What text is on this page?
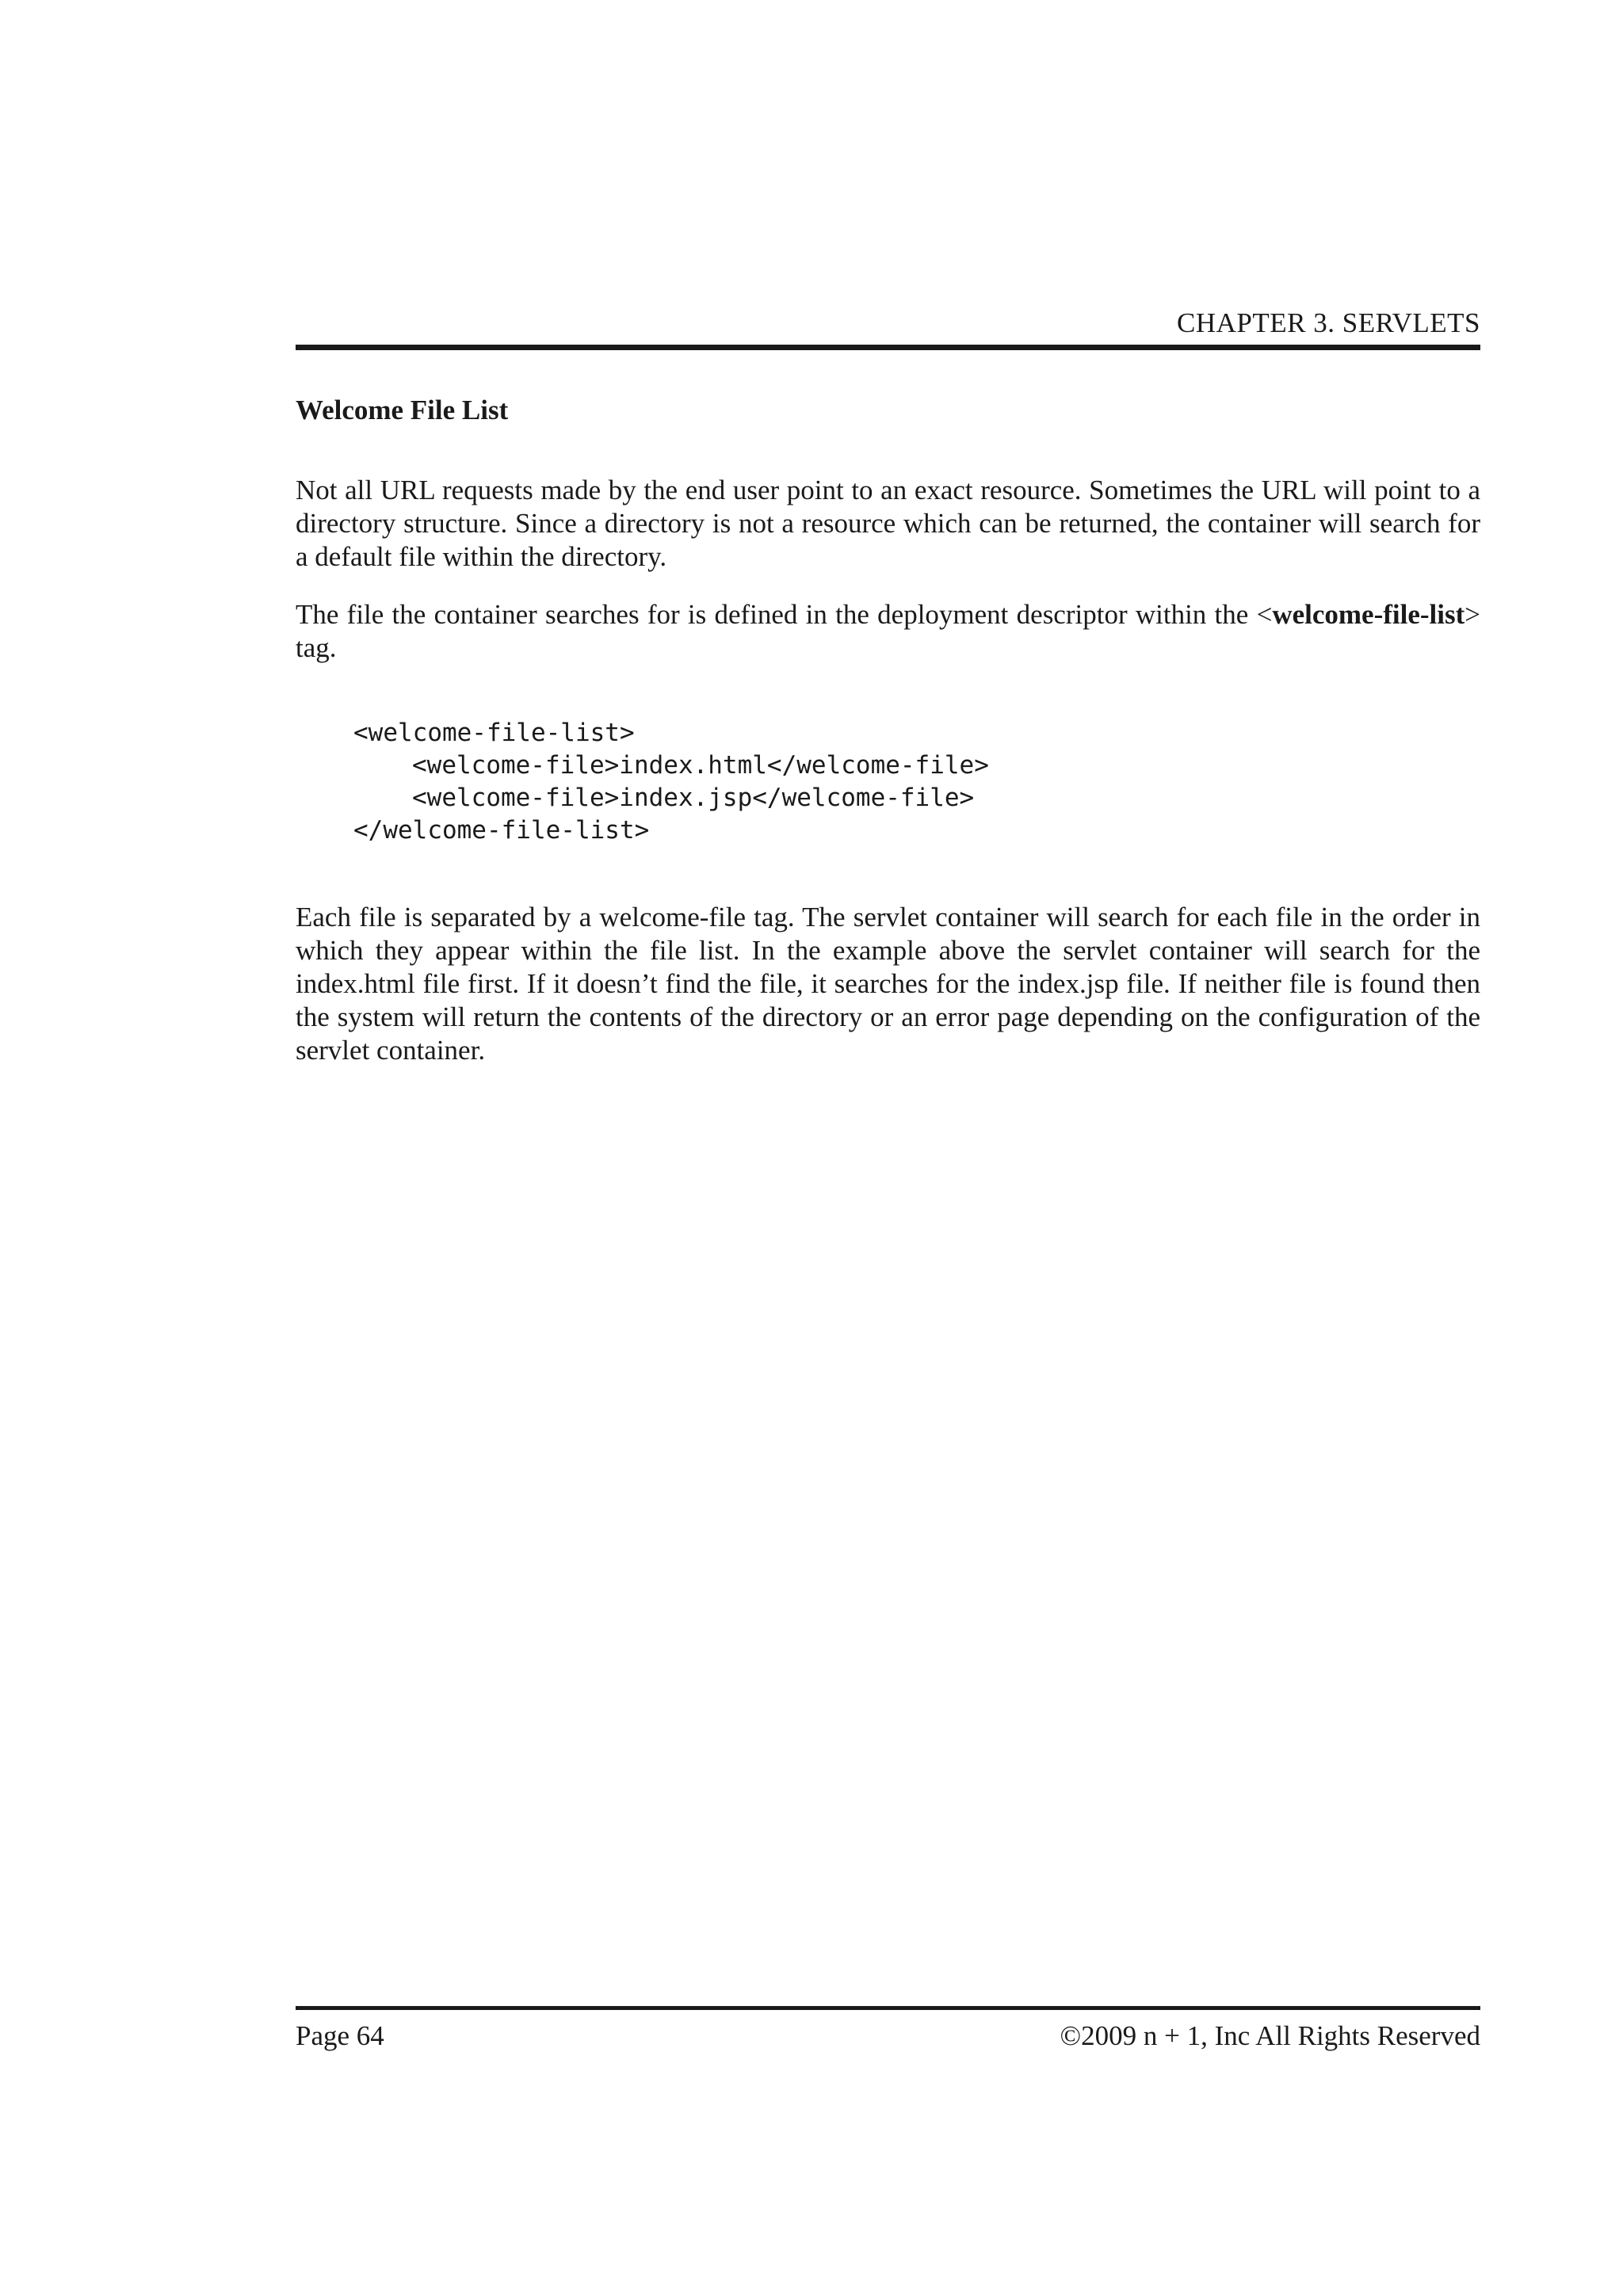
CHAPTER 3. SERVLETS
Welcome File List

Not all URL requests made by the end user point to an exact resource. Sometimes the URL will point to a directory structure. Since a directory is not a resource which can be returned, the container will search for a default file within the directory.

The file the container searches for is defined in the deployment descriptor within the <welcome-file-list> tag.

<welcome-file-list>
<welcome-file>index.html</welcome-file>
<welcome-file>index.jsp</welcome-file>
</welcome-file-list>

Each file is separated by a welcome-file tag. The servlet container will search for each file in the order in which they appear within the file list. In the example above the servlet container will search for the index.html file first. If it doesn’t find the file, it searches for the index.jsp file. If neither file is found then the system will return the contents of the directory or an error page depending on the configuration of the servlet container.

Page 64	©2009 n + 1, Inc All Rights Reserved
